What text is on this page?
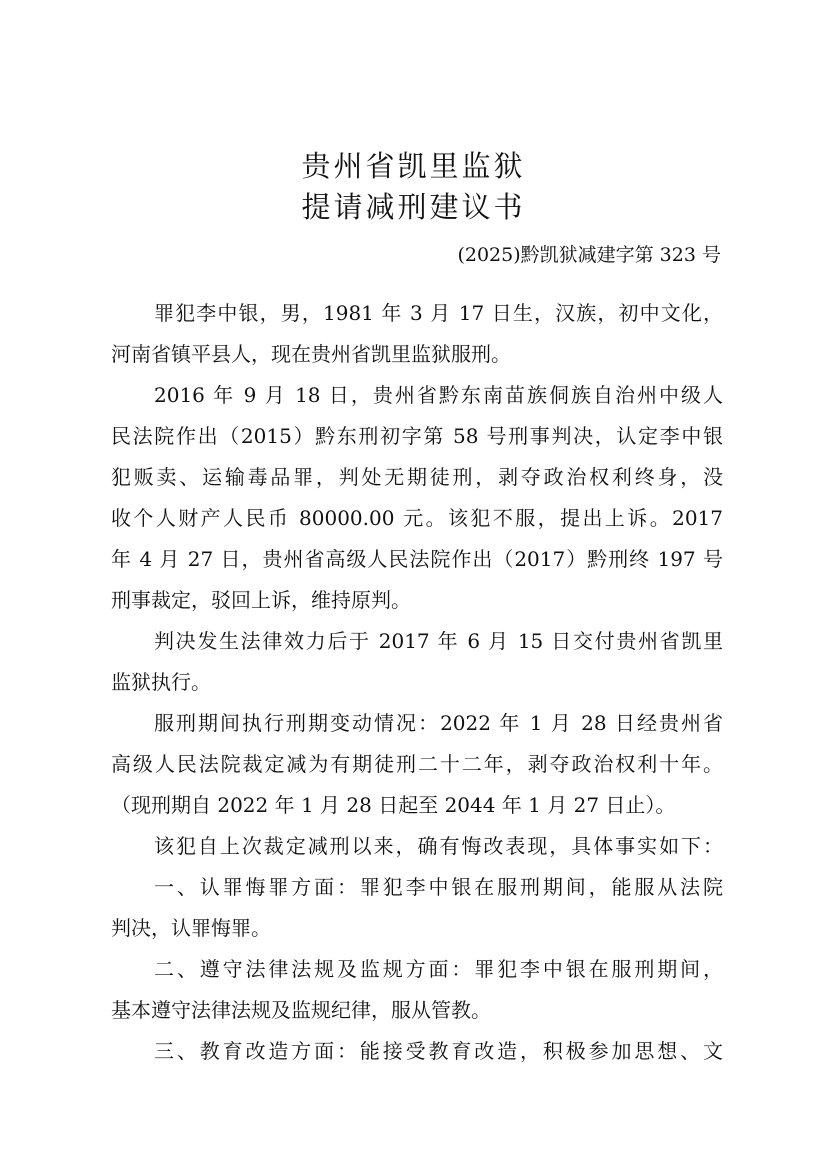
贵州省凯里监狱
提请减刑建议书
(2025)黔凯狱减建字第 323 号
罪犯李中银，男，1981 年 3 月 17 日生，汉族，初中文化，
河南省镇平县人，现在贵州省凯里监狱服刑。
2016 年 9 月 18 日，贵州省黔东南苗族侗族自治州中级人
民法院作出（2015）黔东刑初字第 58 号刑事判决，认定李中银
犯贩卖、运输毒品罪，判处无期徒刑，剥夺政治权利终身，没
收个人财产人民币 80000.00 元。该犯不服，提出上诉。2017
年 4 月 27 日，贵州省高级人民法院作出（2017）黔刑终 197 号
刑事裁定，驳回上诉，维持原判。
判决发生法律效力后于 2017 年 6 月 15 日交付贵州省凯里
监狱执行。
服刑期间执行刑期变动情况：2022 年 1 月 28 日经贵州省
高级人民法院裁定减为有期徒刑二十二年，剥夺政治权利十年。
（现刑期自 2022 年 1 月 28 日起至 2044 年 1 月 27 日止）。
该犯自上次裁定减刑以来，确有悔改表现，具体事实如下：
一、认罪悔罪方面：罪犯李中银在服刑期间，能服从法院
判决，认罪悔罪。
二、遵守法律法规及监规方面：罪犯李中银在服刑期间，
基本遵守法律法规及监规纪律，服从管教。
三、教育改造方面：能接受教育改造，积极参加思想、文
